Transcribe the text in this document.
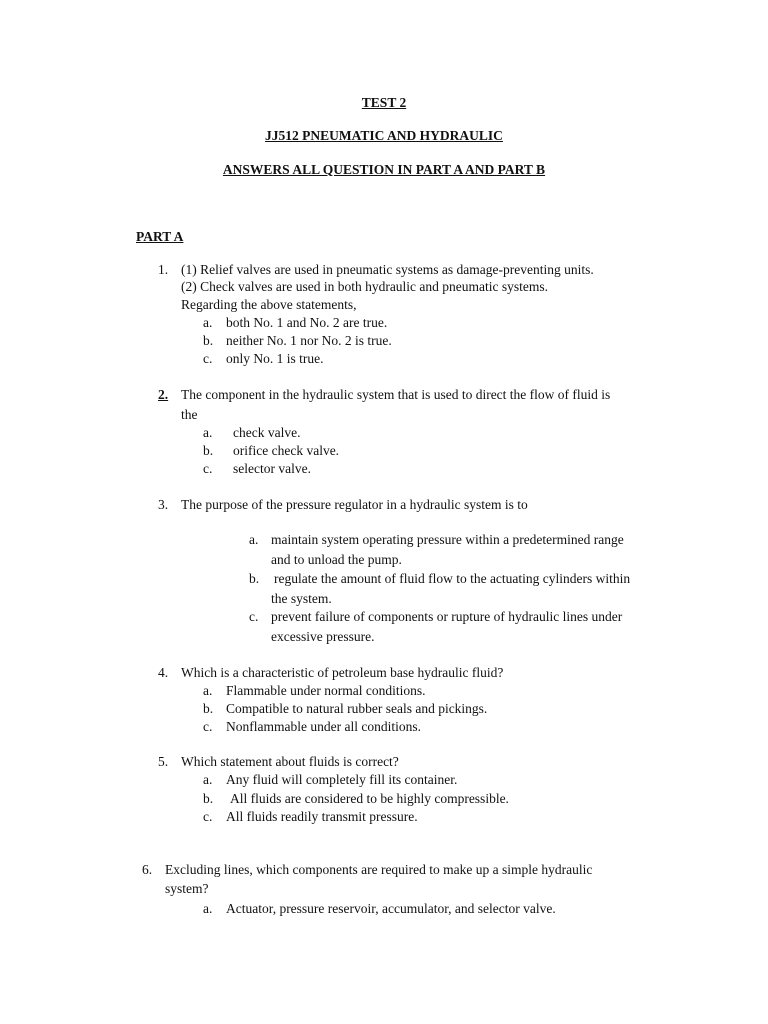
TEST 2
JJ512 PNEUMATIC AND HYDRAULIC
ANSWERS ALL QUESTION IN PART A AND PART B
PART A
1. (1) Relief valves are used in pneumatic systems as damage-preventing units.
(2) Check valves are used in both hydraulic and pneumatic systems.
Regarding the above statements,
a. both No. 1 and No. 2 are true.
b. neither No. 1 nor No. 2 is true.
c. only No. 1 is true.
2. The component in the hydraulic system that is used to direct the flow of fluid is
the
a. check valve.
b. orifice check valve.
c. selector valve.
3. The purpose of the pressure regulator in a hydraulic system is to
a. maintain system operating pressure within a predetermined range
and to unload the pump.
b. regulate the amount of fluid flow to the actuating cylinders within
the system.
c. prevent failure of components or rupture of hydraulic lines under
excessive pressure.
4. Which is a characteristic of petroleum base hydraulic fluid?
a. Flammable under normal conditions.
b. Compatible to natural rubber seals and pickings.
c. Nonflammable under all conditions.
5. Which statement about fluids is correct?
a. Any fluid will completely fill its container.
b. All fluids are considered to be highly compressible.
c. All fluids readily transmit pressure.
6. Excluding lines, which components are required to make up a simple hydraulic
system?
a. Actuator, pressure reservoir, accumulator, and selector valve.
